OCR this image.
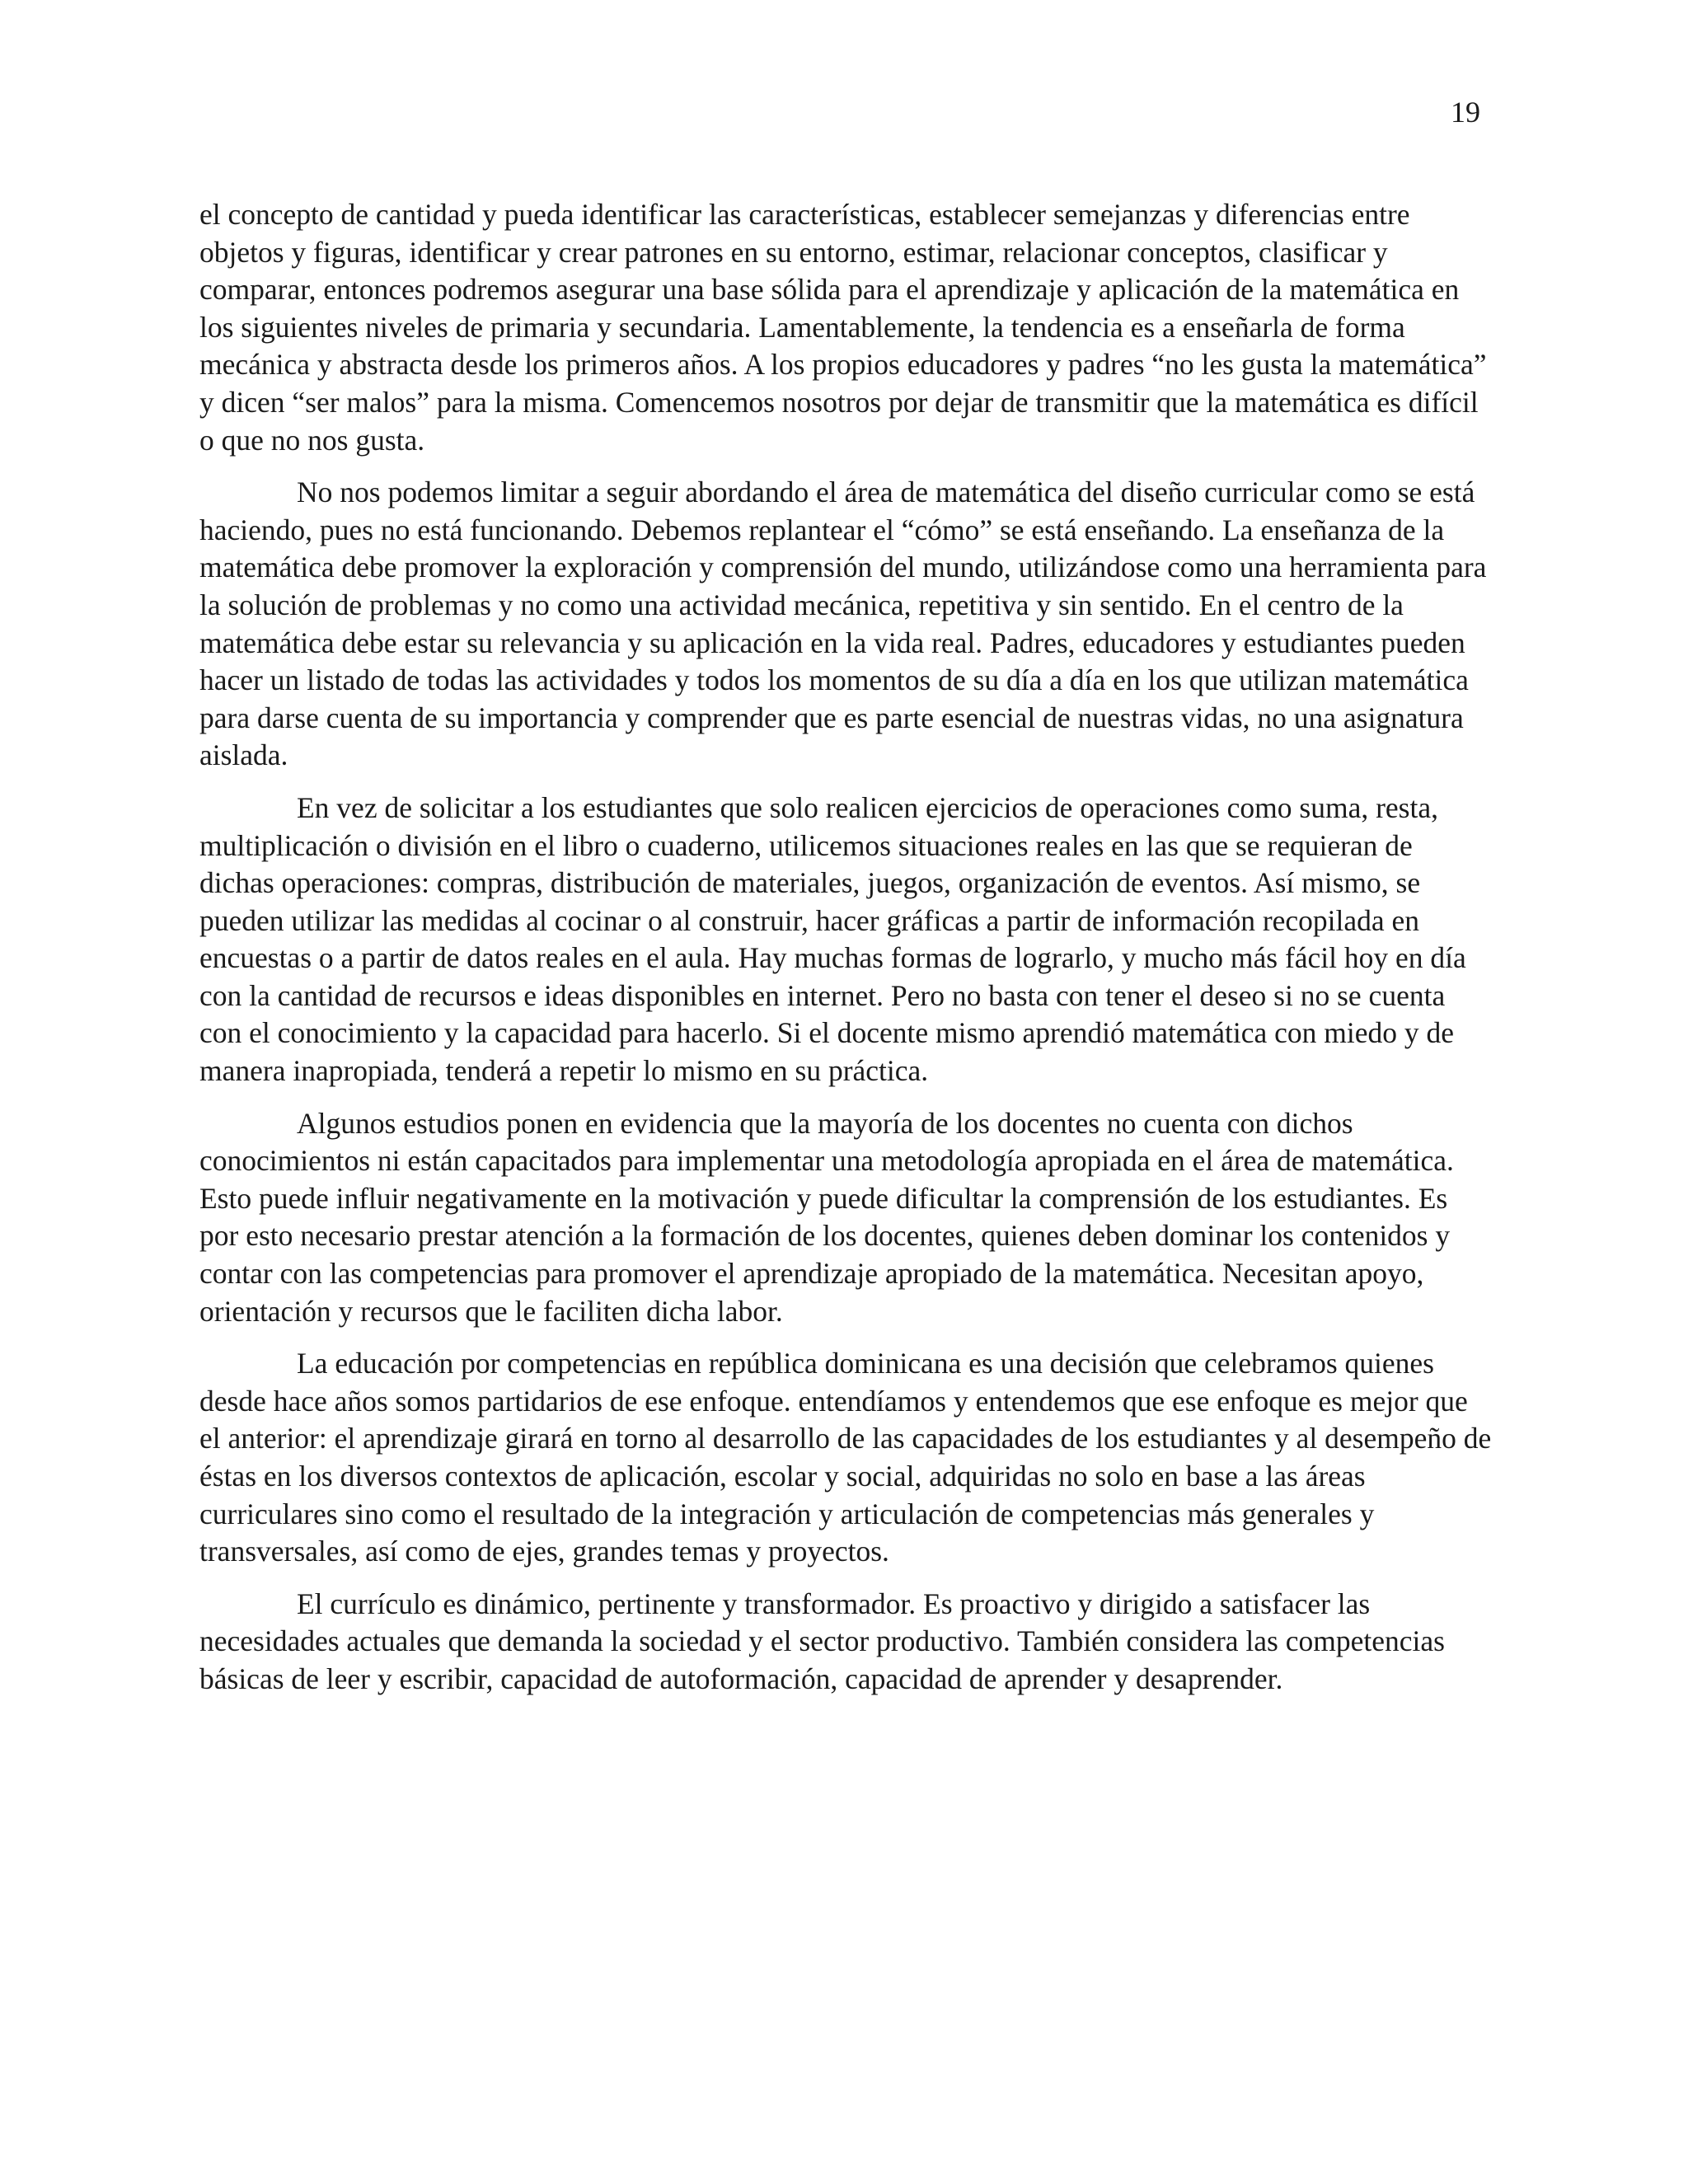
19

el concepto de cantidad y pueda identificar las características, establecer semejanzas y diferencias entre objetos y figuras, identificar y crear patrones en su entorno, estimar, relacionar conceptos, clasificar y comparar, entonces podremos asegurar una base sólida para el aprendizaje y aplicación de la matemática en los siguientes niveles de primaria y secundaria. Lamentablemente, la tendencia es a enseñarla de forma mecánica y abstracta desde los primeros años. A los propios educadores y padres “no les gusta la matemática” y dicen “ser malos” para la misma. Comencemos nosotros por dejar de transmitir que la matemática es difícil o que no nos gusta.

No nos podemos limitar a seguir abordando el área de matemática del diseño curricular como se está haciendo, pues no está funcionando. Debemos replantear el “cómo” se está enseñando. La enseñanza de la matemática debe promover la exploración y comprensión del mundo, utilizándose como una herramienta para la solución de problemas y no como una actividad mecánica, repetitiva y sin sentido. En el centro de la matemática debe estar su relevancia y su aplicación en la vida real. Padres, educadores y estudiantes pueden hacer un listado de todas las actividades y todos los momentos de su día a día en los que utilizan matemática para darse cuenta de su importancia y comprender que es parte esencial de nuestras vidas, no una asignatura aislada.

En vez de solicitar a los estudiantes que solo realicen ejercicios de operaciones como suma, resta, multiplicación o división en el libro o cuaderno, utilicemos situaciones reales en las que se requieran de dichas operaciones: compras, distribución de materiales, juegos, organización de eventos. Así mismo, se pueden utilizar las medidas al cocinar o al construir, hacer gráficas a partir de información recopilada en encuestas o a partir de datos reales en el aula. Hay muchas formas de lograrlo, y mucho más fácil hoy en día con la cantidad de recursos e ideas disponibles en internet. Pero no basta con tener el deseo si no se cuenta con el conocimiento y la capacidad para hacerlo. Si el docente mismo aprendió matemática con miedo y de manera inapropiada, tenderá a repetir lo mismo en su práctica.

Algunos estudios ponen en evidencia que la mayoría de los docentes no cuenta con dichos conocimientos ni están capacitados para implementar una metodología apropiada en el área de matemática. Esto puede influir negativamente en la motivación y puede dificultar la comprensión de los estudiantes. Es por esto necesario prestar atención a la formación de los docentes, quienes deben dominar los contenidos y contar con las competencias para promover el aprendizaje apropiado de la matemática. Necesitan apoyo, orientación y recursos que le faciliten dicha labor.

La educación por competencias en república dominicana es una decisión que celebramos quienes desde hace años somos partidarios de ese enfoque. entendíamos y entendemos que ese enfoque es mejor que el anterior: el aprendizaje girará en torno al desarrollo de las capacidades de los estudiantes y al desempeño de éstas en los diversos contextos de aplicación, escolar y social, adquiridas no solo en base a las áreas curriculares sino como el resultado de la integración y articulación de competencias más generales y transversales, así como de ejes, grandes temas y proyectos.

El currículo es dinámico, pertinente y transformador. Es proactivo y dirigido a satisfacer las necesidades actuales que demanda la sociedad y el sector productivo. También considera las competencias básicas de leer y escribir, capacidad de autoformación, capacidad de aprender y desaprender.
